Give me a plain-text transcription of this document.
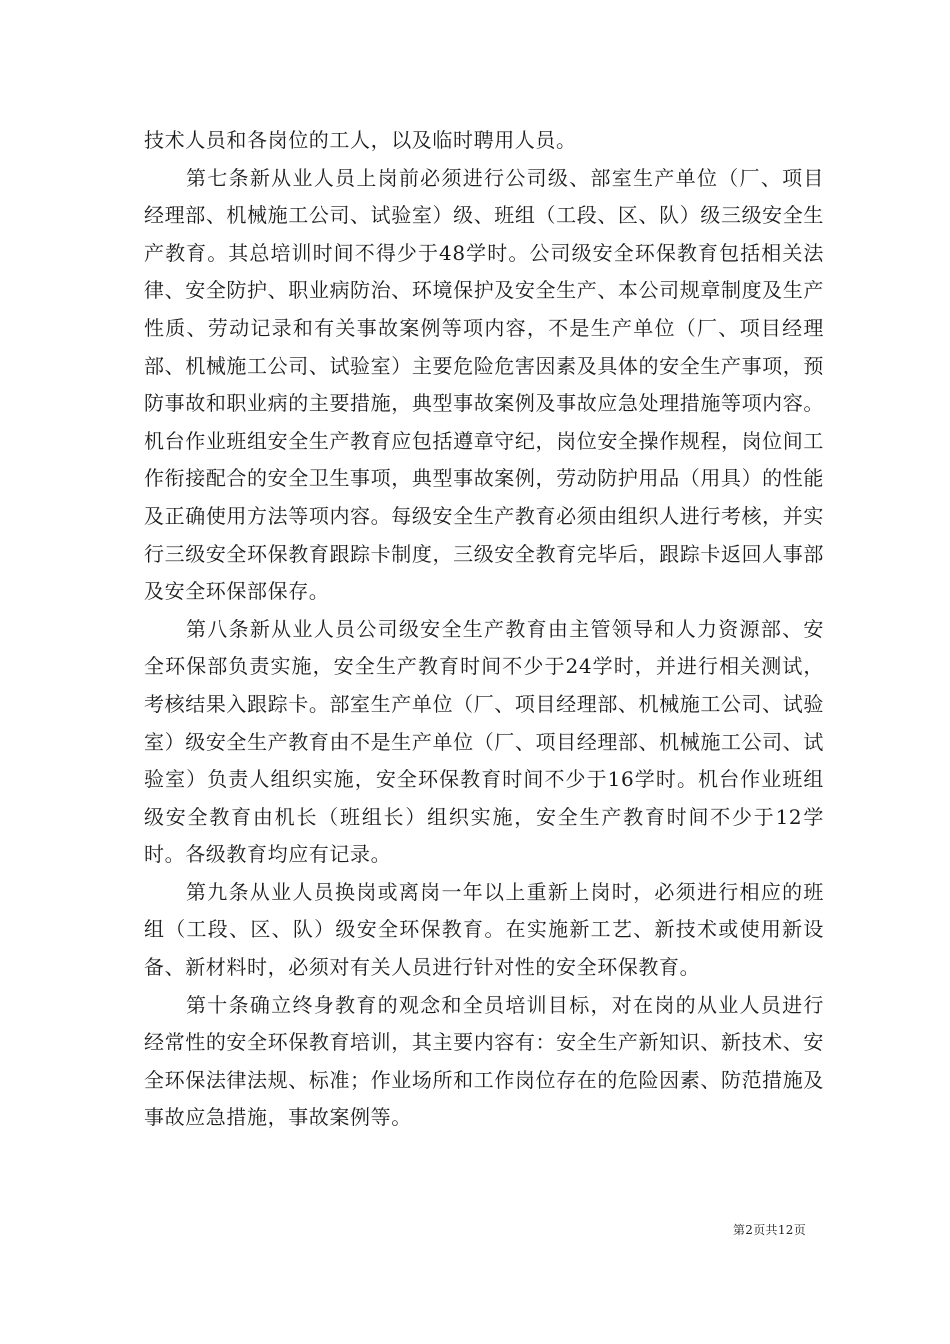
技术人员和各岗位的工人，以及临时聘用人员。

第七条新从业人员上岗前必须进行公司级、部室生产单位（厂、项目经理部、机械施工公司、试验室）级、班组（工段、区、队）级三级安全生产教育。其总培训时间不得少于48学时。公司级安全环保教育包括相关法律、安全防护、职业病防治、环境保护及安全生产、本公司规章制度及生产性质、劳动记录和有关事故案例等项内容，不是生产单位（厂、项目经理部、机械施工公司、试验室）主要危险危害因素及具体的安全生产事项，预防事故和职业病的主要措施，典型事故案例及事故应急处理措施等项内容。机台作业班组安全生产教育应包括遵章守纪，岗位安全操作规程，岗位间工作衔接配合的安全卫生事项，典型事故案例，劳动防护用品（用具）的性能及正确使用方法等项内容。每级安全生产教育必须由组织人进行考核，并实行三级安全环保教育跟踪卡制度，三级安全教育完毕后，跟踪卡返回人事部及安全环保部保存。

第八条新从业人员公司级安全生产教育由主管领导和人力资源部、安全环保部负责实施，安全生产教育时间不少于24学时，并进行相关测试，考核结果入跟踪卡。部室生产单位（厂、项目经理部、机械施工公司、试验室）级安全生产教育由不是生产单位（厂、项目经理部、机械施工公司、试验室）负责人组织实施，安全环保教育时间不少于16学时。机台作业班组级安全教育由机长（班组长）组织实施，安全生产教育时间不少于12学时。各级教育均应有记录。

第九条从业人员换岗或离岗一年以上重新上岗时，必须进行相应的班组（工段、区、队）级安全环保教育。在实施新工艺、新技术或使用新设备、新材料时，必须对有关人员进行针对性的安全环保教育。

第十条确立终身教育的观念和全员培训目标，对在岗的从业人员进行经常性的安全环保教育培训，其主要内容有：安全生产新知识、新技术、安全环保法律法规、标准；作业场所和工作岗位存在的危险因素、防范措施及事故应急措施，事故案例等。

第2页共12页
